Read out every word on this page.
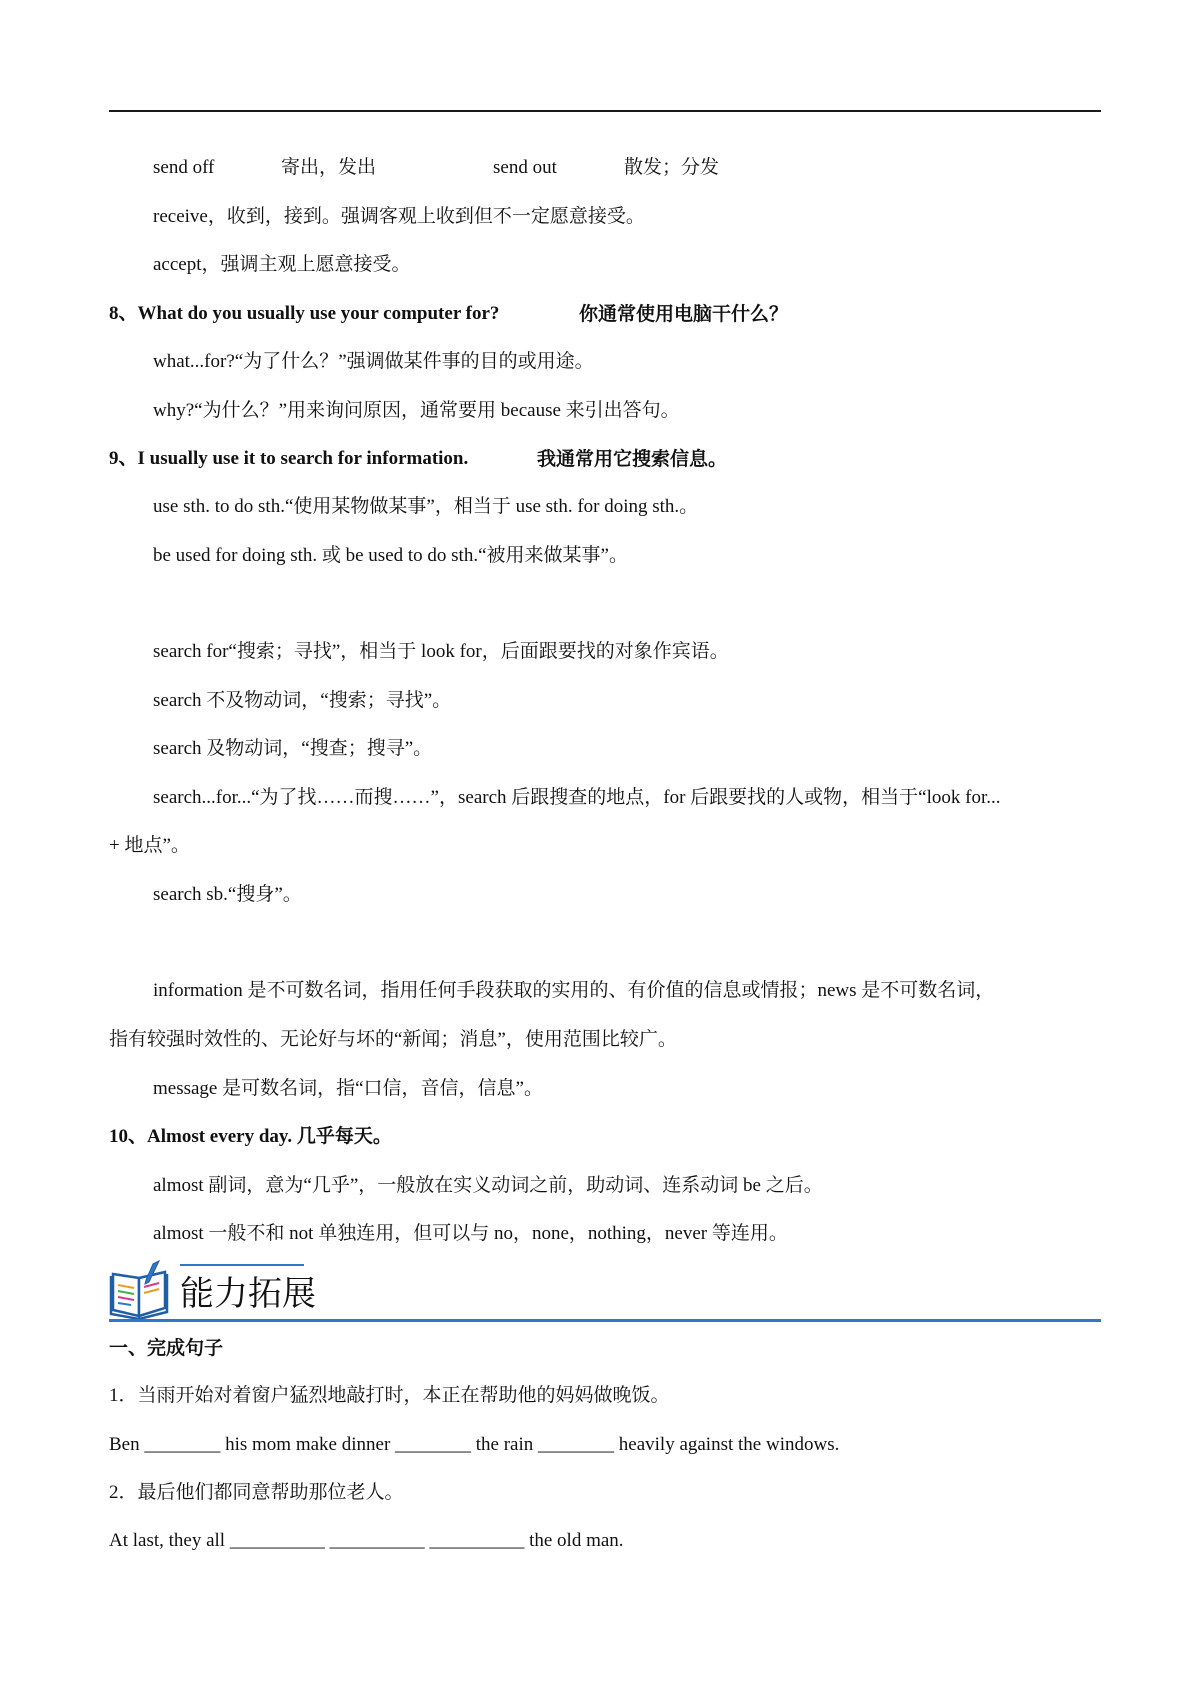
send off	寄出，发出	send out	散发；分发
receive，收到，接到。强调客观上收到但不一定愿意接受。
accept，强调主观上愿意接受。
8、What do you usually use your computer for?	你通常使用电脑干什么？
what...for?“为了什么？”强调做某件事的目的或用途。
why?“为什么？”用来询问原因，通常要用 because 来引出答句。
9、I usually use it to search for information.	我通常用它搜索信息。
use sth. to do sth.“使用某物做某事”，相当于 use sth. for doing sth.。
be used for doing sth. 或 be used to do sth.“被用来做某事”。
search for“搜索；寻找”，相当于 look for，后面跟要找的对象作宾语。
search 不及物动词，“搜索；寻找”。
search 及物动词，“搜查；搜寻”。
search...for...“为了找……而搜……”，search 后跟搜查的地点，for 后跟要找的人或物，相当于“look for...
+ 地点”。
search sb.“搜身”。
information 是不可数名词，指用任何手段获取的实用的、有价值的信息或情报；news 是不可数名词，
指有较强时效性的、无论好与坏的“新闻；消息”，使用范围比较广。
message 是可数名词，指“口信，音信，信息”。
10、Almost every day. 几乎每天。
almost 副词，意为“几乎”，一般放在实义动词之前，助动词、连系动词 be 之后。
almost 一般不和 not 单独连用，但可以与 no，none，nothing，never 等连用。
能力拓展
一、完成句子
1．当雨开始对着窗户猛烈地敲打时，本正在帮助他的妈妈做晚饭。
Ben ________ his mom make dinner ________ the rain ________ heavily against the windows.
2．最后他们都同意帮助那位老人。
At last, they all __________ __________ __________ the old man.
